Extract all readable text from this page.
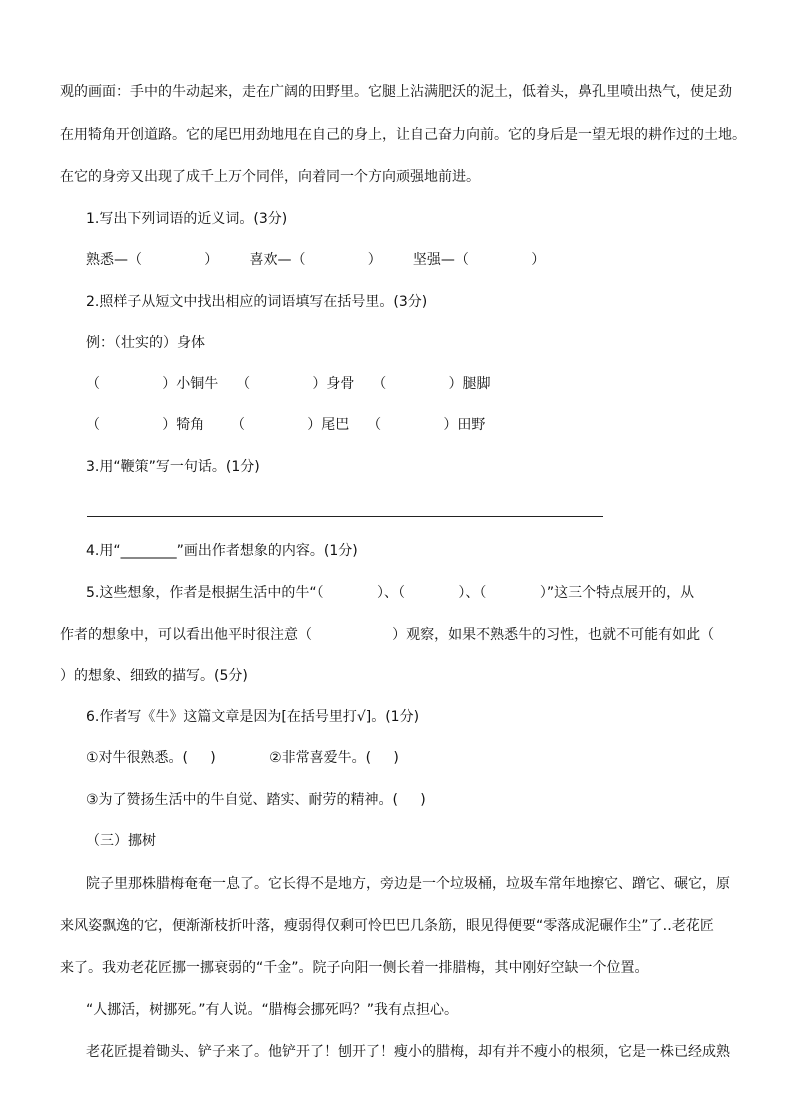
观的画面：手中的牛动起来，走在广阔的田野里。它腿上沾满肥沃的泥土，低着头，鼻孔里喷出热气，使足劲
在用犄角开创道路。它的尾巴用劲地甩在自己的身上，让自己奋力向前。它的身后是一望无垠的耕作过的土地。
在它的身旁又出现了成千上万个同伴，向着同一个方向顽强地前进。
1.写出下列词语的近义词。(3分)
熟悉—（              ）       喜欢—（              ）       坚强—（              ）
2.照样子从短文中找出相应的词语填写在括号里。(3分)
例：（壮实的）身体
（              ）小铜牛    （              ）身骨    （              ）腿脚
（              ）犄角      （              ）尾巴    （              ）田野
3.用“鞭策”写一句话。(1分)
4.用“________”画出作者想象的内容。(1分)
5.这些想象，作者是根据生活中的牛“（            ）、（            ）、（            ）”这三个特点展开的，从
作者的想象中，可以看出他平时很注意（                  ）观察，如果不熟悉牛的习性，也就不可能有如此（
）的想象、细致的描写。(5分)
6.作者写《牛》这篇文章是因为[在括号里打√]。(1分)
①对牛很熟悉。(     )            ②非常喜爱牛。(     )
③为了赞扬生活中的牛自觉、踏实、耐劳的精神。(     )
（三）挪树
院子里那株腊梅奄奄一息了。它长得不是地方，旁边是一个垃圾桶，垃圾车常年地擦它、蹭它、碾它，原
来风姿飘逸的它，便渐渐枝折叶落，瘦弱得仅剩可怜巴巴几条筋，眼见得便要“零落成泥碾作尘”了‥老花匠
来了。我劝老花匠挪一挪衰弱的“千金”。院子向阳一侧长着一排腊梅，其中刚好空缺一个位置。
“人挪活，树挪死。”有人说。“腊梅会挪死吗？”我有点担心。
老花匠提着锄头、铲子来了。他铲开了！刨开了！瘦小的腊梅，却有并不瘦小的根须，它是一株已经成熟
